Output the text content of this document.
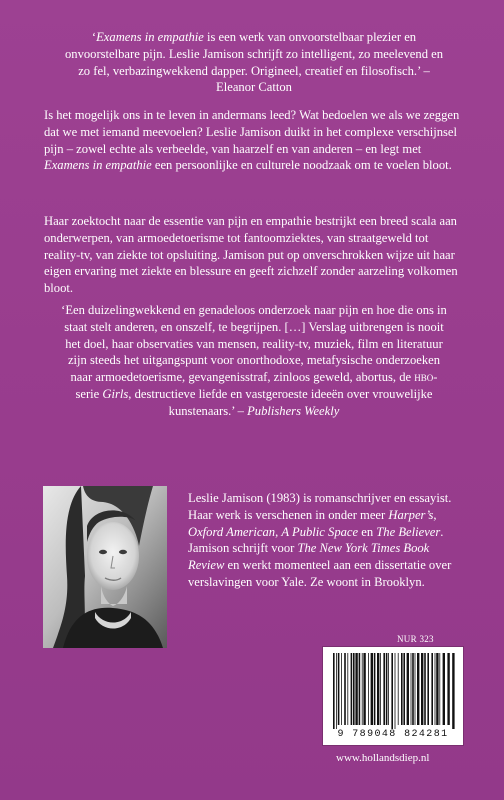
‘Examens in empathie is een werk van onvoorstelbaar plezier en onvoorstelbare pijn. Leslie Jamison schrijft zo intelligent, zo meelevend en zo fel, verbazingwekkend dapper. Origineel, creatief en filosofisch.’ – Eleanor Catton

Is het mogelijk ons in te leven in andermans leed? Wat bedoelen we als we zeggen dat we met iemand meevoelen? Leslie Jamison duikt in het complexe verschijnsel pijn – zowel echte als verbeelde, van haarzelf en van anderen – en legt met Examens in empathie een persoonlijke en culturele noodzaak om te voelen bloot.

Haar zoektocht naar de essentie van pijn en empathie bestrijkt een breed scala aan onderwerpen, van armoedetoerisme tot fantoomziektes, van straatgeweld tot reality-tv, van ziekte tot opsluiting. Jamison put op onverschrokken wijze uit haar eigen ervaring met ziekte en blessure en geeft zichzelf zonder aarzeling volkomen bloot.

‘Een duizelingwekkend en genadeloos onderzoek naar pijn en hoe die ons in staat stelt anderen, en onszelf, te begrijpen. […] Verslag uitbrengen is nooit het doel, haar observaties van mensen, reality-tv, muziek, film en literatuur zijn steeds het uitgangspunt voor onorthodoxe, metafysische onderzoeken naar armoedetoerisme, gevangenisstraf, zinloos geweld, abortus, de hbo-serie Girls, destructieve liefde en vastgeroeste ideeën over vrouwelijke kunstenaars.’ – Publishers Weekly

Leslie Jamison (1983) is romanschrijver en essayist. Haar werk is verschenen in onder meer Harper’s, Oxford American, A Public Space en The Believer. Jamison schrijft voor The New York Times Book Review en werkt momenteel aan een dissertatie over verslavingen voor Yale. Ze woont in Brooklyn.

NUR 323
9 789048 824281
www.hollandsdiep.nl
